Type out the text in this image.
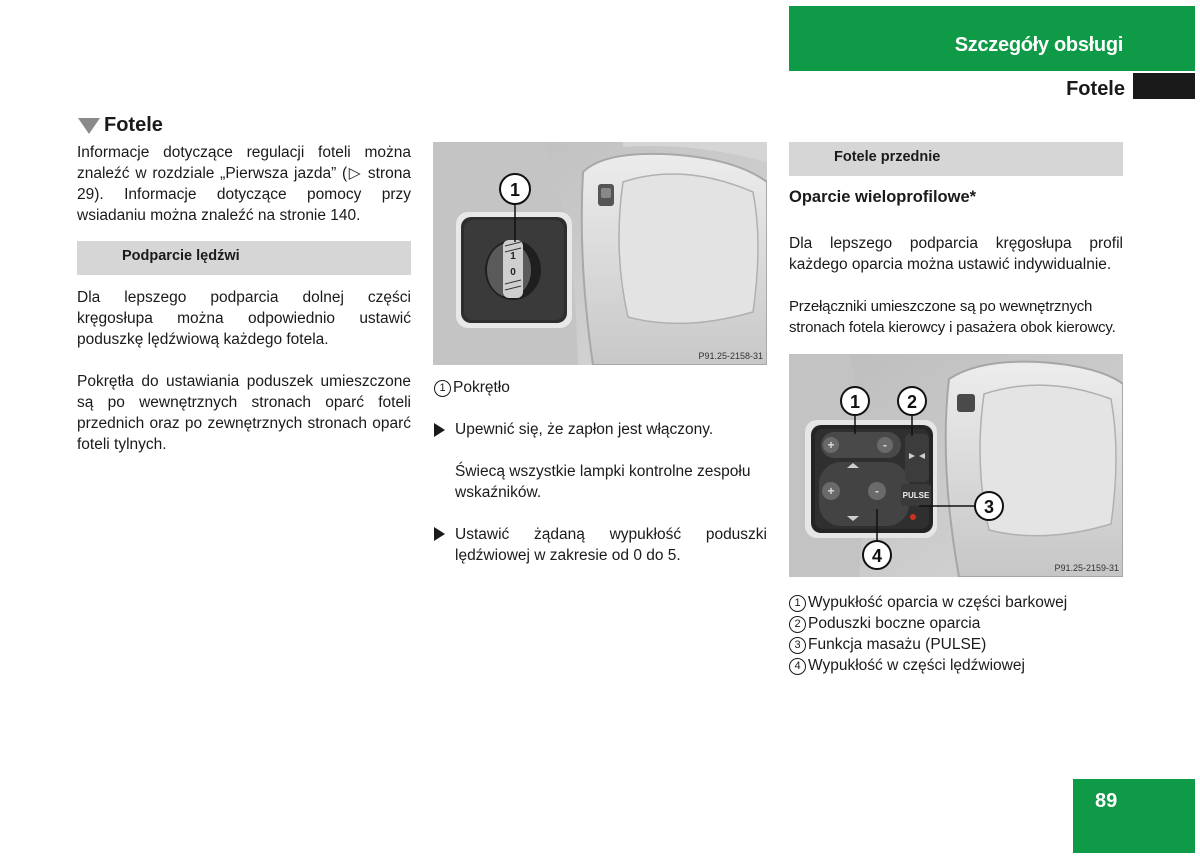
Szczegóły obsługi
Fotele
Fotele
Informacje dotyczące regulacji foteli można znaleźć w rozdziale „Pierwsza jazda” (▷ strona 29). Informacje dotyczące pomocy przy wsiadaniu można znaleźć na stronie 140.
Podparcie lędźwi
Dla lepszego podparcia dolnej części kręgosłupa można odpowiednio ustawić poduszkę lędźwiową każdego fotela.
Pokrętła do ustawiania poduszek umieszczone są po wewnętrznych stronach oparć foteli przednich oraz po zewnętrznych stronach oparć foteli tylnych.
1
0
1
P91.25-2158-31
1 Pokrętło
Upewnić się, że zapłon jest włączony.
Świecą wszystkie lampki kontrolne zespołu wskaźników.
Ustawić żądaną wypukłość poduszki lędźwiowej w zakresie od 0 do 5.
Fotele przednie
Oparcie wieloprofilowe*
Dla lepszego podparcia kręgosłupa profil każdego oparcia można ustawić indywidualnie.
Przełączniki umieszczone są po wewnętrznych stronach fotela kierowcy i pasażera obok kierowcy.
+	-
+	-	PULSE
1	2
3
4
P91.25-2159-31
1 Wypukłość oparcia w części barkowej
2 Poduszki boczne oparcia
3 Funkcja masażu (PULSE)
4 Wypukłość w części lędźwiowej
89
